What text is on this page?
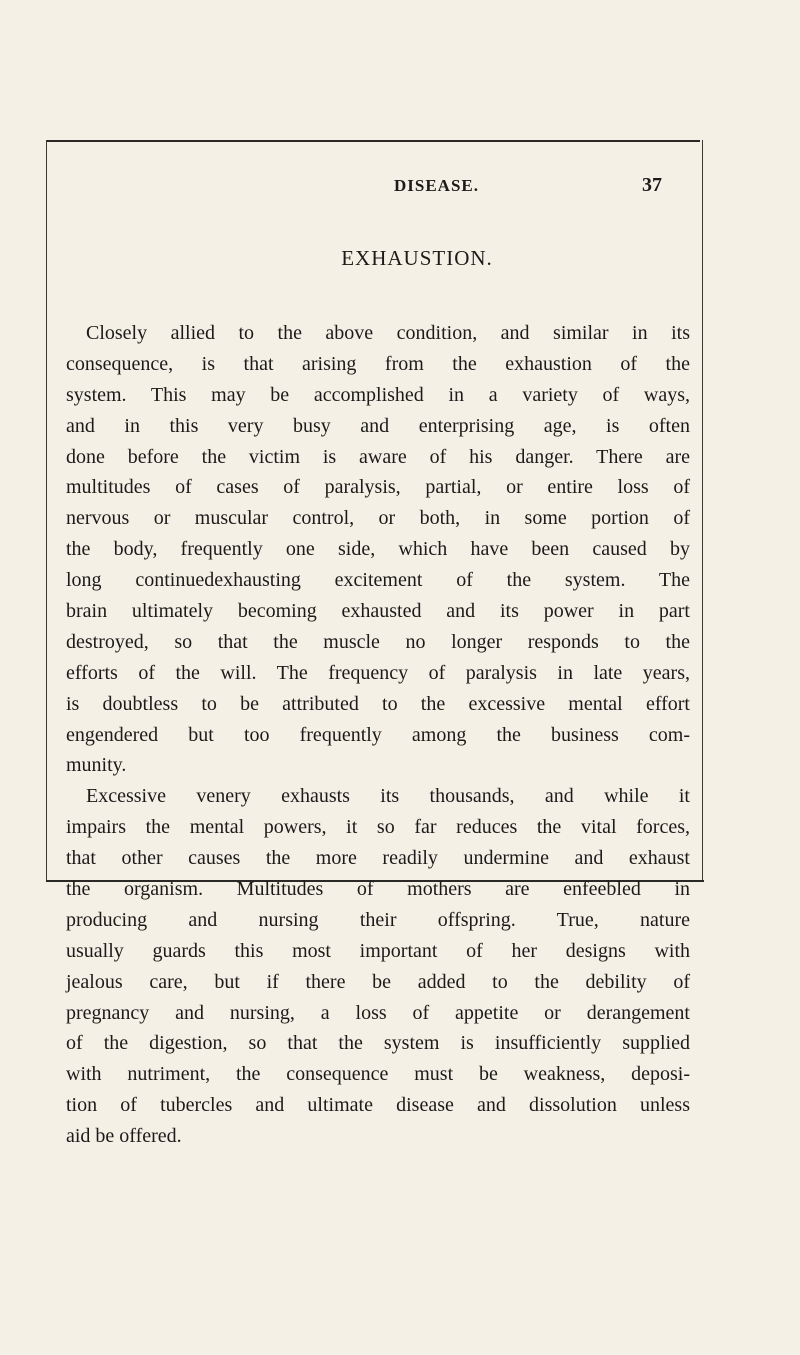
DISEASE.	37
EXHAUSTION.
Closely allied to the above condition, and similar in its
consequence, is that arising from the exhaustion of the
system. This may be accomplished in a variety of ways,
and in this very busy and enterprising age, is often
done before the victim is aware of his danger. There are
multitudes of cases of paralysis, partial, or entire loss of
nervous or muscular control, or both, in some portion of
the body, frequently one side, which have been caused by
long continuedexhausting excitement of the system. The
brain ultimately becoming exhausted and its power in part
destroyed, so that the muscle no longer responds to the
efforts of the will. The frequency of paralysis in late years,
is doubtless to be attributed to the excessive mental effort
engendered but too frequently among the business com-
munity.
Excessive venery exhausts its thousands, and while it
impairs the mental powers, it so far reduces the vital forces,
that other causes the more readily undermine and exhaust
the organism. Multitudes of mothers are enfeebled in
producing and nursing their offspring. True, nature
usually guards this most important of her designs with
jealous care, but if there be added to the debility of
pregnancy and nursing, a loss of appetite or derangement
of the digestion, so that the system is insufficiently supplied
with nutriment, the consequence must be weakness, deposi-
tion of tubercles and ultimate disease and dissolution unless
aid be offered.
